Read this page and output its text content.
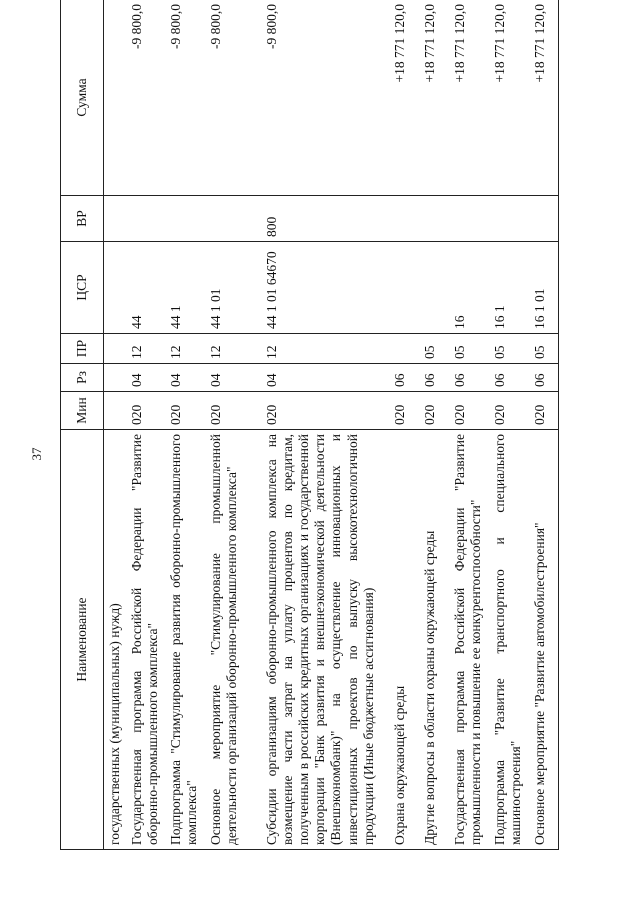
37
Наименование	Мин	Рз	ПР	ЦСР	ВР	Сумма
государственных (муниципальных) нужд)						
Государственная программа Российской Федерации "Развитие оборонно-промышленного комплекса"	020	04	12	44		-9 800,0
Подпрограмма "Стимулирование развития оборонно-промышленного комплекса"	020	04	12	44 1		-9 800,0
Основное мероприятие "Стимулирование промышленной деятельности организаций оборонно-промышленного комплекса"	020	04	12	44 1 01		-9 800,0
Субсидии организациям оборонно-промышленного комплекса на возмещение части затрат на уплату процентов по кредитам, полученным в российских кредитных организациях и государственной корпорации "Банк развития и внешнеэкономической деятельности (Внешэкономбанк)" на осуществление инновационных и инвестиционных проектов по выпуску высокотехнологичной продукции (Иные бюджетные ассигнования)	020	04	12	44 1 01 64670	800	-9 800,0
Охрана окружающей среды	020	06				+18 771 120,0
Другие вопросы в области охраны окружающей среды	020	06	05			+18 771 120,0
Государственная программа Российской Федерации "Развитие промышленности и повышение ее конкурентоспособности"	020	06	05	16		+18 771 120,0
Подпрограмма "Развитие транспортного и специального машиностроения"	020	06	05	16 1		+18 771 120,0
Основное мероприятие "Развитие автомобилестроения"	020	06	05	16 1 01		+18 771 120,0
